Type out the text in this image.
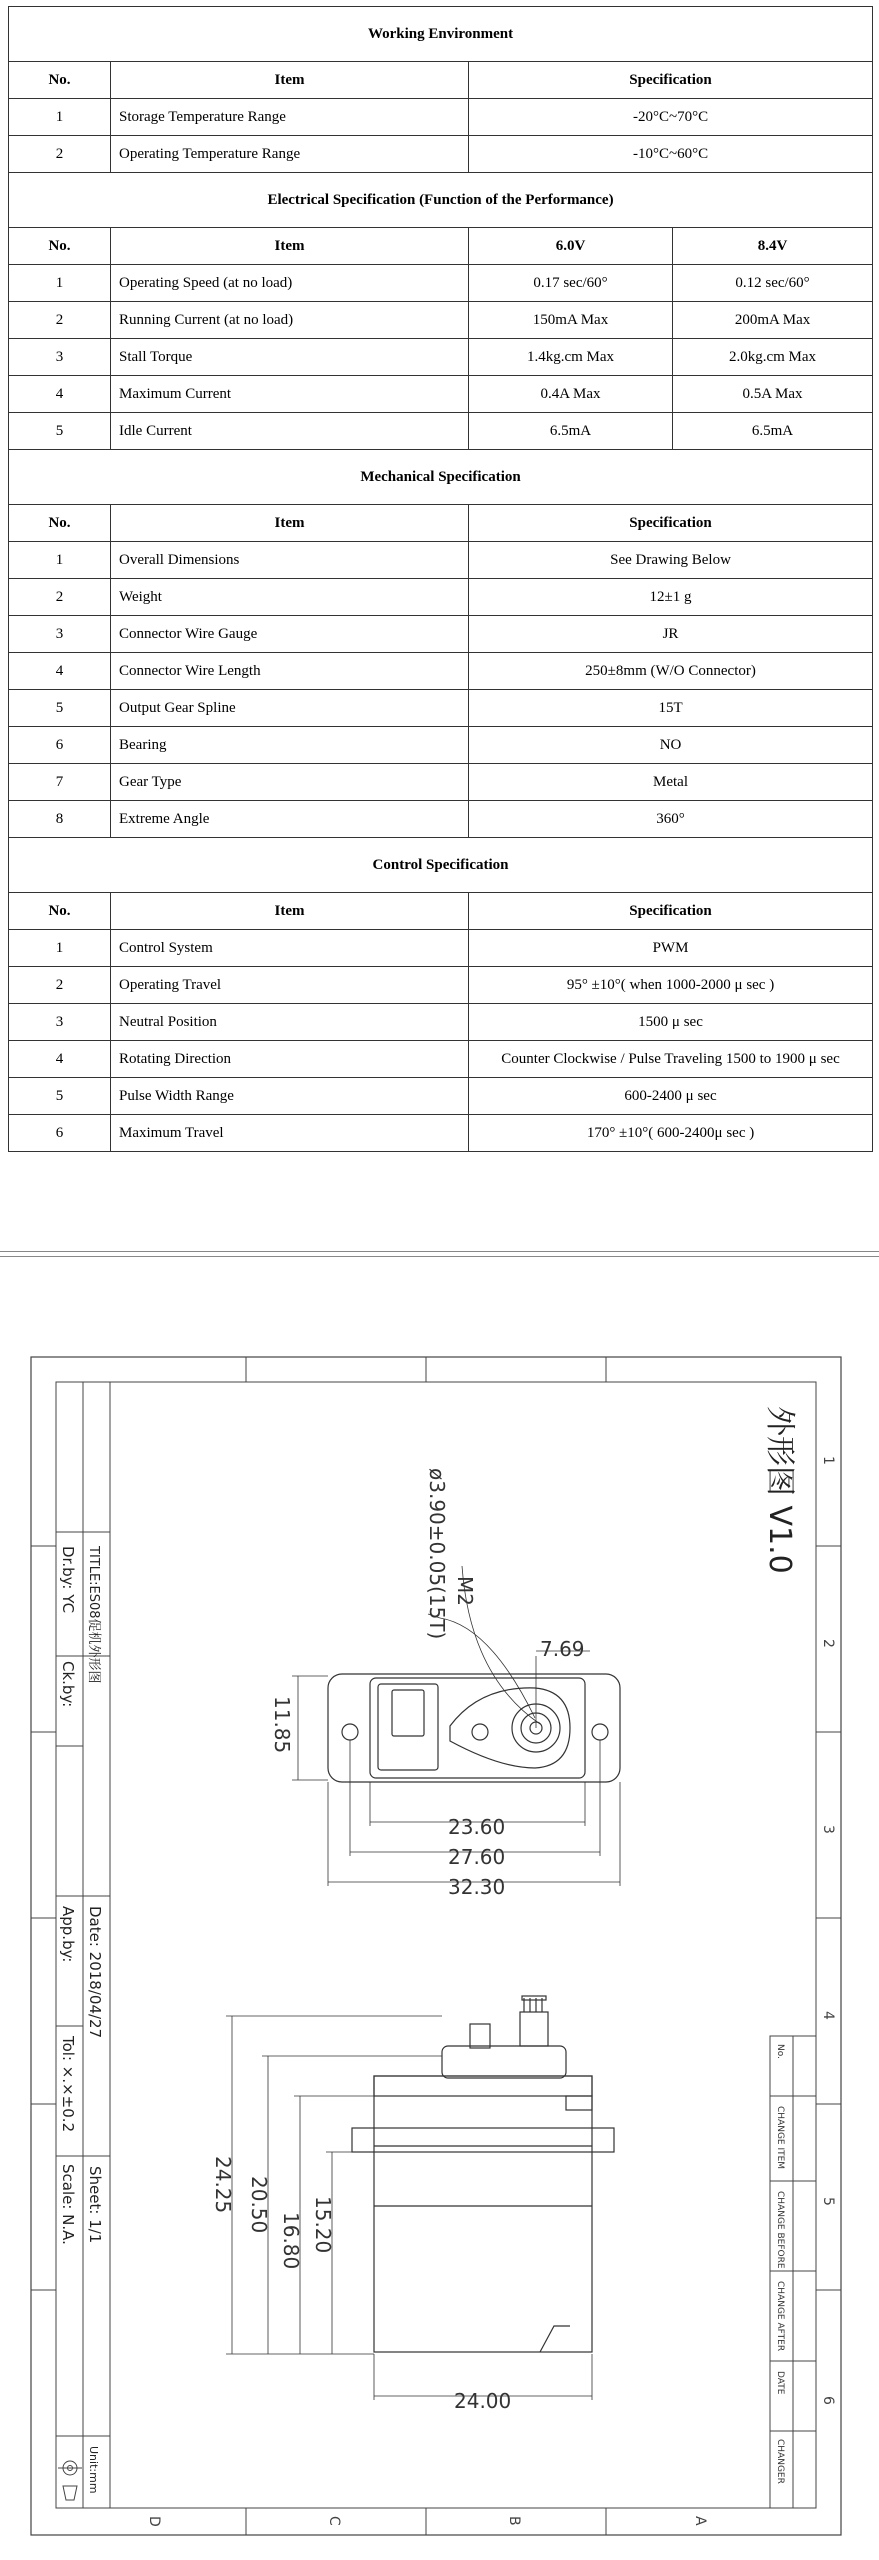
Working Environment			
No.	Item	Specification	
1	Storage Temperature Range	-20°C~70°C	
2	Operating Temperature Range	-10°C~60°C	
Electrical Specification (Function of the Performance)			
No.	Item	6.0V	8.4V
1	Operating Speed (at no load)	0.17 sec/60°	0.12 sec/60°
2	Running Current (at no load)	150mA Max	200mA Max
3	Stall Torque	1.4kg.cm Max	2.0kg.cm Max
4	Maximum Current	0.4A Max	0.5A Max
5	Idle Current	6.5mA	6.5mA
Mechanical Specification			
No.	Item	Specification	
1	Overall Dimensions	See Drawing Below	
2	Weight	12±1 g	
3	Connector Wire Gauge	JR	
4	Connector Wire Length	250±8mm (W/O Connector)	
5	Output Gear Spline	15T	
6	Bearing	NO	
7	Gear Type	Metal	
8	Extreme Angle	360°	
Control Specification			
No.	Item	Specification	
1	Control System	PWM	
2	Operating Travel	95° ±10°( when 1000-2000 μ sec )	
3	Neutral Position	1500 μ sec	
4	Rotating Direction	Counter Clockwise / Pulse Traveling 1500 to 1900 μ sec	
5	Pulse Width Range	600-2400 μ sec	
6	Maximum Travel	170° ±10°( 600-2400μ sec )	
1
2
3
4
5
6
D	C	B	A
外形图 V1.0
TITLE:ES08促机外形图
Dr.by: YC
Ck.by:
Date: 2018/04/27
App.by:
Tol: ×.×±0.2
Scale: N.A. Sheet: 1/1
Unit:mm
No.
CHANGE ITEM
CHANGE BEFORE
CHANGE AFTER
DATE
CHANGER
ø3.90±0.05(15T) M2
7.69
11.85
23.60
27.60
32.30
24.25 20.50
16.80 15.20
24.00
